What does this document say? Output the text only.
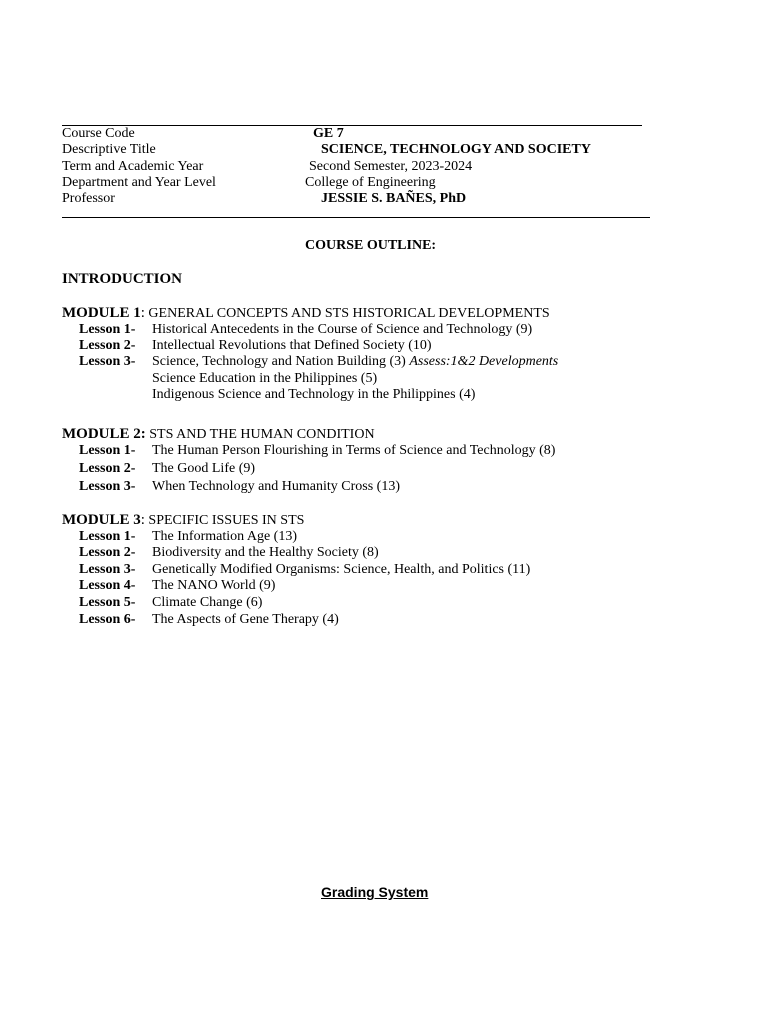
Course Code	GE 7
Descriptive Title	SCIENCE, TECHNOLOGY AND SOCIETY
Term and Academic Year	Second Semester, 2023-2024
Department and Year Level	College of Engineering
Professor	JESSIE S. BAÑES, PhD
COURSE OUTLINE:
INTRODUCTION
MODULE 1: GENERAL CONCEPTS AND STS HISTORICAL DEVELOPMENTS
Lesson 1- Historical Antecedents in the Course of Science and Technology (9)
Lesson 2- Intellectual Revolutions that Defined Society (10)
Lesson 3- Science, Technology and Nation Building (3) Assess:1&2 Developments
Science Education in the Philippines (5)
Indigenous Science and Technology in the Philippines (4)
MODULE 2: STS AND THE HUMAN CONDITION
Lesson 1- The Human Person Flourishing in Terms of Science and Technology (8)
Lesson 2- The Good Life (9)
Lesson 3- When Technology and Humanity Cross (13)
MODULE 3: SPECIFIC ISSUES IN STS
Lesson 1- The Information Age (13)
Lesson 2- Biodiversity and the Healthy Society (8)
Lesson 3- Genetically Modified Organisms: Science, Health, and Politics (11)
Lesson 4- The NANO World (9)
Lesson 5- Climate Change (6)
Lesson 6- The Aspects of Gene Therapy (4)
Grading System
